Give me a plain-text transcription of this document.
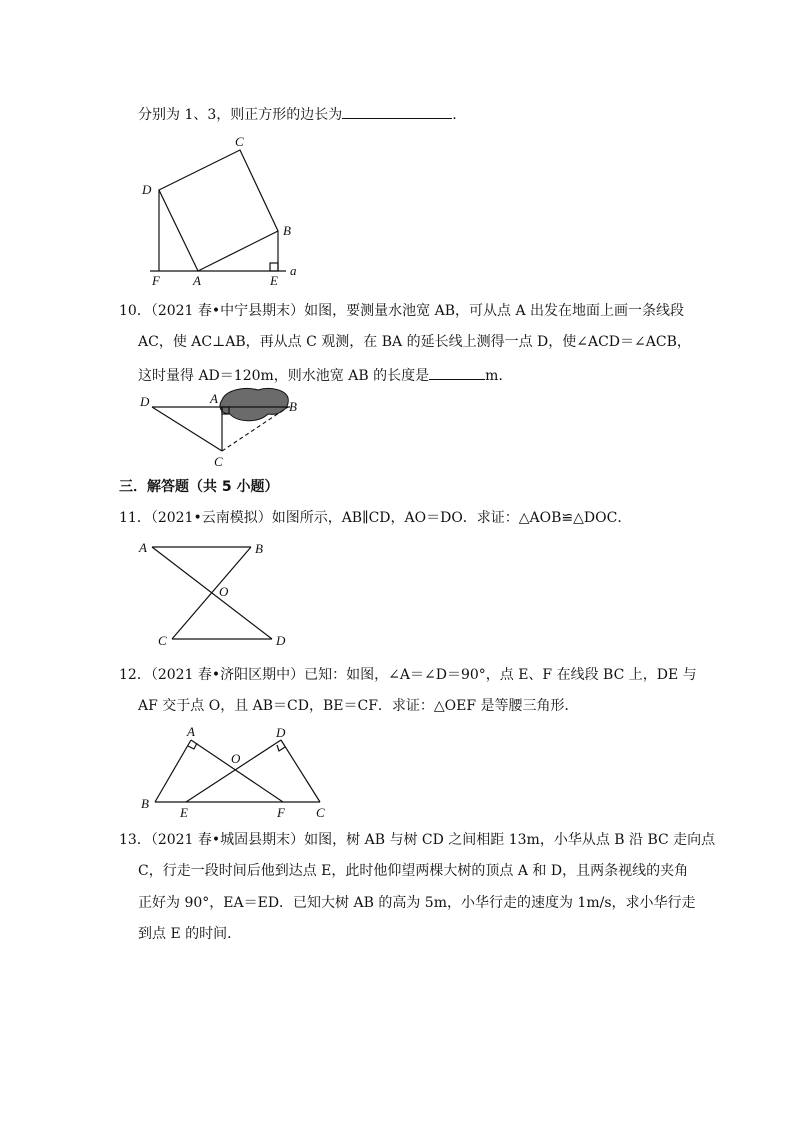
分别为 1、3，则正方形的边长为	.
C
D
B
F	A	E
a
D	A
B
C
A	B
O
C	D
A	D
O
B
E	F C
10．（2021 春•中宁县期末）如图，要测量水池宽 AB，可从点 A 出发在地面上画一条线段
AC，使 AC⊥AB，再从点 C 观测，在 BA 的延长线上测得一点 D，使∠ACD＝∠ACB，
这时量得 AD＝120m，则水池宽 AB 的长度是	m.
三．解答题（共 5 小题）
11．（2021•云南模拟）如图所示，AB∥CD，AO＝DO．求证：△AOB≌△DOC．
12．（2021 春•济阳区期中）已知：如图，∠A＝∠D＝90°，点 E、F 在线段 BC 上，DE 与
AF 交于点 O，且 AB＝CD，BE＝CF．求证：△OEF 是等腰三角形．
13．（2021 春•城固县期末）如图，树 AB 与树 CD 之间相距 13m，小华从点 B 沿 BC 走向点
C，行走一段时间后他到达点 E，此时他仰望两棵大树的顶点 A 和 D，且两条视线的夹角
正好为 90°，EA＝ED．已知大树 AB 的高为 5m，小华行走的速度为 1m/s，求小华行走
到点 E 的时间．
